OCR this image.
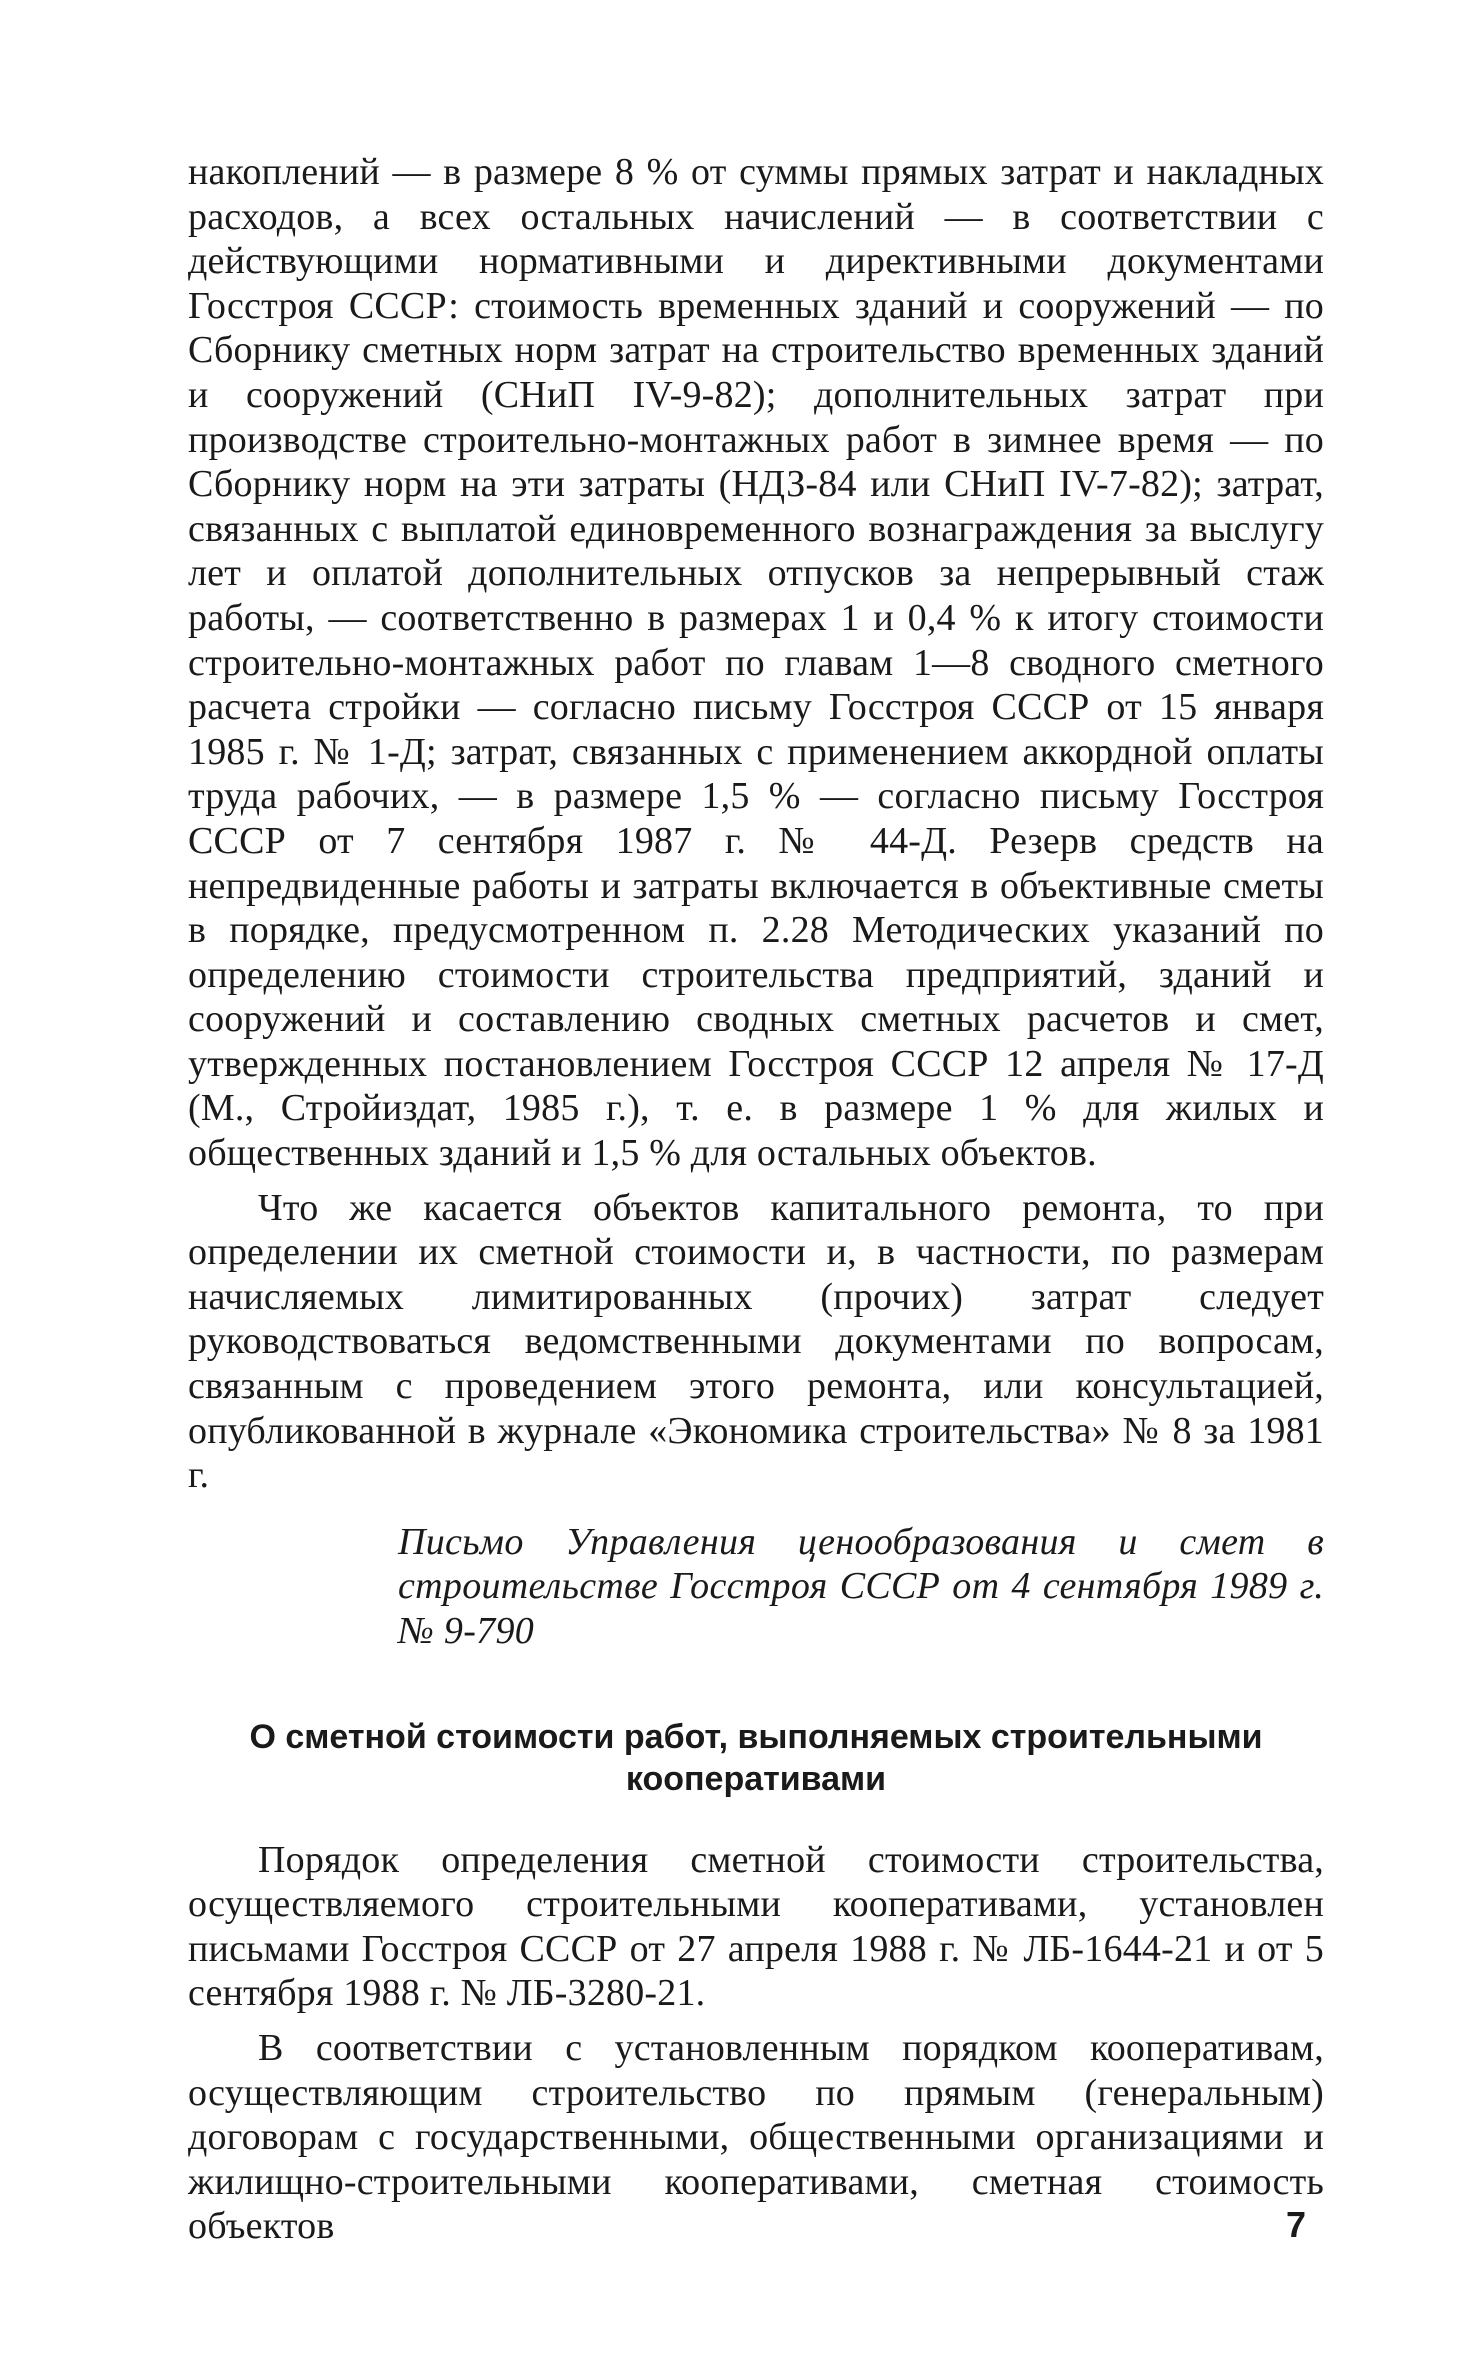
накоплений — в размере 8 % от суммы прямых затрат и накладных расходов, а всех остальных начислений — в соответствии с действующими нормативными и директивными документами Госстроя СССР: стоимость временных зданий и сооружений — по Сборнику сметных норм затрат на строительство временных зданий и сооружений (СНиП IV-9-82); дополнительных затрат при производстве строительно-монтажных работ в зимнее время — по Сборнику норм на эти затраты (НДЗ-84 или СНиП IV-7-82); затрат, связанных с выплатой единовременного вознаграждения за выслугу лет и оплатой дополнительных отпусков за непрерывный стаж работы, — соответственно в размерах 1 и 0,4 % к итогу стоимости строительно-монтажных работ по главам 1—8 сводного сметного расчета стройки — согласно письму Госстроя СССР от 15 января 1985 г. № 1-Д; затрат, связанных с применением аккордной оплаты труда рабочих, — в размере 1,5 % — согласно письму Госстроя СССР от 7 сентября 1987 г. № 44-Д. Резерв средств на непредвиденные работы и затраты включается в объективные сметы в порядке, предусмотренном п. 2.28 Методических указаний по определению стоимости строительства предприятий, зданий и сооружений и составлению сводных сметных расчетов и смет, утвержденных постановлением Госстроя СССР 12 апреля № 17-Д (М., Стройиздат, 1985 г.), т. е. в размере 1 % для жилых и общественных зданий и 1,5 % для остальных объектов.

Что же касается объектов капитального ремонта, то при определении их сметной стоимости и, в частности, по размерам начисляемых лимитированных (прочих) затрат следует руководствоваться ведомственными документами по вопросам, связанным с проведением этого ремонта, или консультацией, опубликованной в журнале «Экономика строительства» № 8 за 1981 г.

Письмо Управления ценообразования и смет в строительстве Госстроя СССР от 4 сентября 1989 г. № 9-790

О сметной стоимости работ, выполняемых строительными кооперативами

Порядок определения сметной стоимости строительства, осуществляемого строительными кооперативами, установлен письмами Госстроя СССР от 27 апреля 1988 г. № ЛБ-1644-21 и от 5 сентября 1988 г. № ЛБ-3280-21.

В соответствии с установленным порядком кооперативам, осуществляющим строительство по прямым (генеральным) договорам с государственными, общественными организациями и жилищно-строительными кооперативами, сметная стоимость объектов	7
